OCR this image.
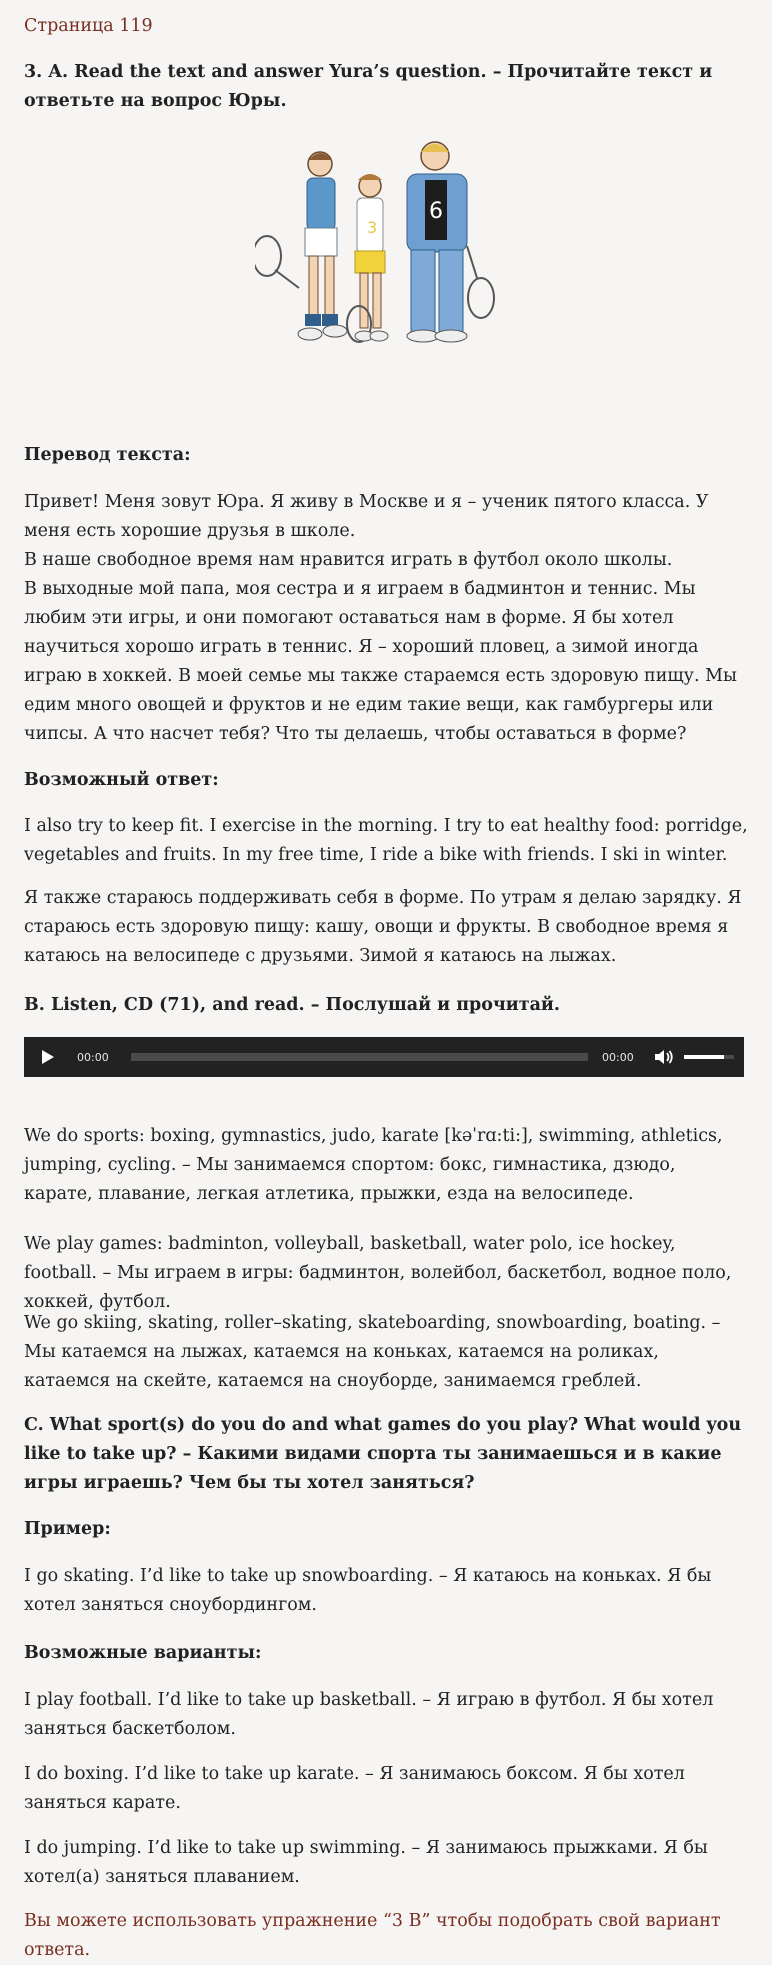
Страница 119

3. A. Read the text and answer Yura’s question. – Прочитайте текст и ответьте на вопрос Юры.

3
6

Перевод текста:

Привет! Меня зовут Юра. Я живу в Москве и я – ученик пятого класса. У меня есть хорошие друзья в школе.

В наше свободное время нам нравится играть в футбол около школы.

В выходные мой папа, моя сестра и я играем в бадминтон и теннис. Мы любим эти игры, и они помогают оставаться нам в форме. Я бы хотел научиться хорошо играть в теннис. Я – хороший пловец, а зимой иногда играю в хоккей. В моей семье мы также стараемся есть здоровую пищу. Мы едим много овощей и фруктов и не едим такие вещи, как гамбургеры или чипсы. А что насчет тебя? Что ты делаешь, чтобы оставаться в форме?

Возможный ответ:

I also try to keep fit. I exercise in the morning. I try to eat healthy food: porridge, vegetables and fruits. In my free time, I ride a bike with friends. I ski in winter.

Я также стараюсь поддерживать себя в форме. По утрам я делаю зарядку. Я стараюсь есть здоровую пищу: кашу, овощи и фрукты. В свободное время я катаюсь на велосипеде с друзьями. Зимой я катаюсь на лыжах.

B. Listen, CD (71), and read. – Послушай и прочитай.

00:00	00:00

We do sports: boxing, gymnastics, judo, karate [kəˈrɑ:ti:], swimming, athletics, jumping, cycling. – Мы занимаемся спортом: бокс, гимнастика, дзюдо, карате, плавание, легкая атлетика, прыжки, езда на велосипеде.

We play games: badminton, volleyball, basketball, water polo, ice hockey, football. – Мы играем в игры: бадминтон, волейбол, баскетбол, водное поло, хоккей, футбол.

We go skiing, skating, roller–skating, skateboarding, snowboarding, boating. – Мы катаемся на лыжах, катаемся на коньках, катаемся на роликах, катаемся на скейте, катаемся на сноуборде, занимаемся греблей.

C. What sport(s) do you do and what games do you play? What would you like to take up? – Какими видами спорта ты занимаешься и в какие игры играешь? Чем бы ты хотел заняться?

Пример:

I go skating. I’d like to take up snowboarding. – Я катаюсь на коньках. Я бы хотел заняться сноубордингом.

Возможные варианты:

I play football. I’d like to take up basketball. – Я играю в футбол. Я бы хотел заняться баскетболом.

I do boxing. I’d like to take up karate. – Я занимаюсь боксом. Я бы хотел заняться карате.

I do jumping. I’d like to take up swimming. – Я занимаюсь прыжками. Я бы хотел(а) заняться плаванием.

Вы можете использовать упражнение “3 В” чтобы подобрать свой вариант ответа.
